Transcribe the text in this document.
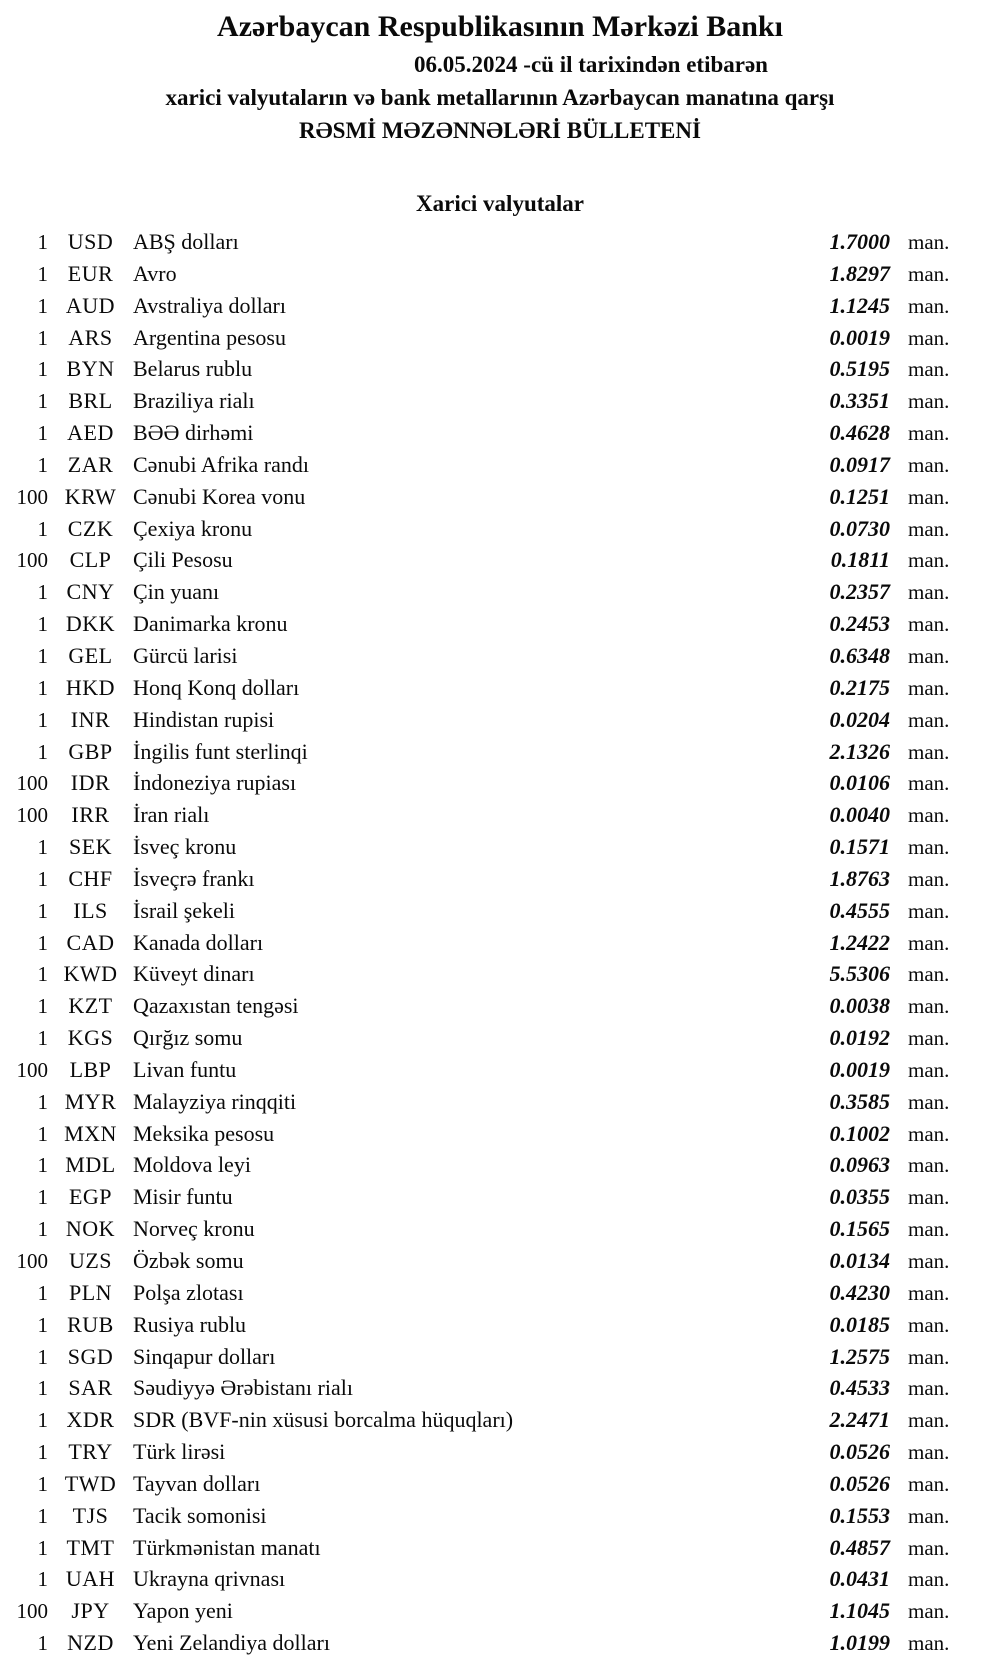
Azərbaycan Respublikasının Mərkəzi Bankı

06.05.2024 -cü il tarixindən etibarən

xarici valyutaların və bank metallarının Azərbaycan manatına qarşı

RƏSMİ MƏZƏNNƏLƏRİ BÜLLETENİ

Xarici valyutalar
1 USD ABŞ dolları	1.7000 man.
1 EUR Avro	1.8297 man.
1 AUD Avstraliya dolları	1.1245 man.
1 ARS Argentina pesosu	0.0019 man.
1 BYN Belarus rublu	0.5195 man.
1 BRL Braziliya rialı	0.3351 man.
1 AED BƏƏ dirhəmi	0.4628 man.
1 ZAR Cənubi Afrika randı	0.0917 man.
100 KRW Cənubi Korea vonu	0.1251 man.
1 CZK Çexiya kronu	0.0730 man.
100 CLP Çili Pesosu	0.1811 man.
1 CNY Çin yuanı	0.2357 man.
1 DKK Danimarka kronu	0.2453 man.
1 GEL Gürcü larisi	0.6348 man.
1 HKD Honq Konq dolları	0.2175 man.
1	INR	Hindistan rupisi	0.0204 man.
1 GBP İngilis funt sterlinqi	2.1326 man.
100	IDR	İndoneziya rupiası	0.0106 man.
100	IRR	İran rialı	0.0040 man.
1 SEK İsveç kronu	0.1571 man.
1 CHF İsveçrə frankı	1.8763 man.
1	ILS	İsrail şekeli	0.4555 man.
1 CAD Kanada dolları	1.2422 man.
1 KWD Küveyt dinarı	5.5306 man.
1 KZT Qazaxıstan tengəsi	0.0038 man.
1 KGS Qırğız somu	0.0192 man.
100 LBP Livan funtu	0.0019 man.
1 MYR Malayziya rinqqiti	0.3585 man.
1 MXN Meksika pesosu	0.1002 man.
1 MDL Moldova leyi	0.0963 man.
1 EGP Misir funtu	0.0355 man.
1 NOK Norveç kronu	0.1565 man.
100 UZS Özbək somu	0.0134 man.
1 PLN Polşa zlotası	0.4230 man.
1 RUB Rusiya rublu	0.0185 man.
1 SGD Sinqapur dolları	1.2575 man.
1 SAR Səudiyyə Ərəbistanı rialı	0.4533 man.
1 XDR SDR (BVF-nin xüsusi borcalma hüquqları)	2.2471 man.
1 TRY Türk lirəsi	0.0526 man.
1 TWD Tayvan dolları	0.0526 man.
1	TJS	Tacik somonisi	0.1553 man.
1 TMT Türkmənistan manatı	0.4857 man.
1 UAH Ukrayna qrivnası	0.0431 man.
100	JPY	Yapon yeni	1.1045 man.
1 NZD Yeni Zelandiya dolları	1.0199 man.
